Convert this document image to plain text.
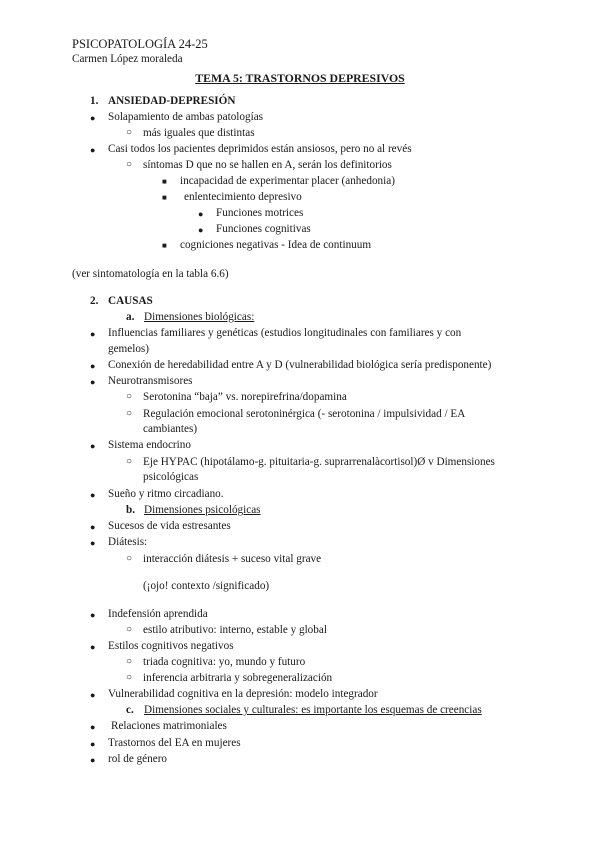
PSICOPATOLOGÍA 24-25
Carmen López moraleda
TEMA 5: TRASTORNOS DEPRESIVOS
1. ANSIEDAD-DEPRESIÓN
● Solapamiento de ambas patologías
○ más iguales que distintas
● Casi todos los pacientes deprimidos están ansiosos, pero no al revés
○ síntomas D que no se hallen en A, serán los definitorios
■ incapacidad de experimentar placer (anhedonia)
■ enlentecimiento depresivo
● Funciones motrices
● Funciones cognitivas
■ cogniciones negativas - Idea de continuum
(ver sintomatología en la tabla 6.6)
2. CAUSAS
a. Dimensiones biológicas:
● Influencias familiares y genéticas (estudios longitudinales con familiares y con
gemelos)
● Conexión de heredabilidad entre A y D (vulnerabilidad biológica sería predisponente)
● Neurotransmisores
○ Serotonina “baja” vs. norepirefrina/dopamina
○ Regulación emocional serotoninérgica (- serotonina / impulsividad / EA
cambiantes)
● Sistema endocrino
○ Eje HYPAC (hipotálamo-g. pituitaria-g. suprarrenalàcortisol)Ø v Dimensiones
psicológicas
● Sueño y ritmo circadiano.
b. Dimensiones psicológicas
● Sucesos de vida estresantes
● Diátesis:
○ interacción diátesis + suceso vital grave
(¡ojo! contexto /significado)
● Indefensión aprendida
○ estilo atributivo: interno, estable y global
● Estilos cognitivos negativos
○ triada cognitiva: yo, mundo y futuro
○ inferencia arbitraria y sobregeneralización
● Vulnerabilidad cognitiva en la depresión: modelo integrador
c. Dimensiones sociales y culturales: es importante los esquemas de creencias
● Relaciones matrimoniales
● Trastornos del EA en mujeres
● rol de género
